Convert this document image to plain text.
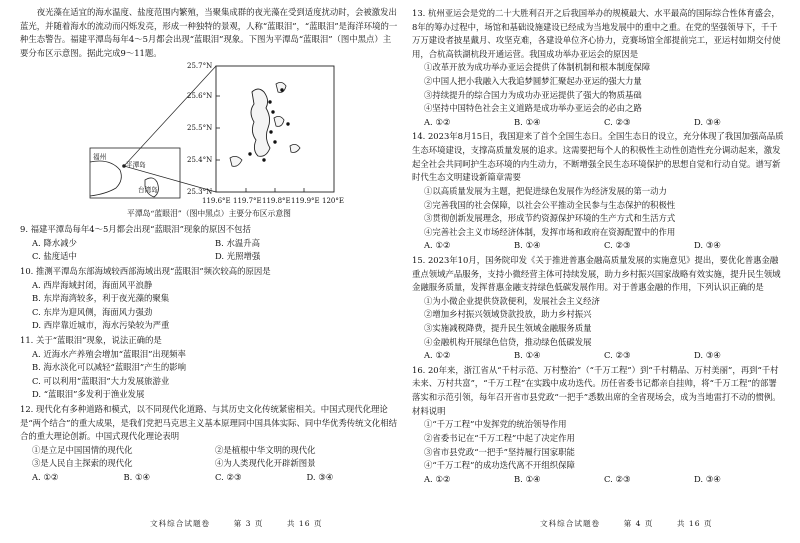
夜光藻在适宜的海水温度、盐度范围内繁殖，当聚集成群的夜光藻在受到适度扰动时，会被激发出蓝光，并随着海水的流动而闪烁发亮，形成一种独特的景观，人称“蓝眼泪”，“蓝眼泪”是海洋环境的一种生态警告。福建平潭岛每年4～5月都会出现“蓝眼泪”现象。下图为平潭岛“蓝眼泪”（图中黑点）主要分布区示意图。据此完成9～11题。

福州
平潭岛
台湾岛
25.7°N
25.6°N
25.5°N
25.4°N
25.3°N
119.6°E 119.7°E 119.8°E 119.9°E 120°E

平潭岛“蓝眼泪”（图中黑点）主要分布区示意图

9. 福建平潭岛每年4～5月都会出现“蓝眼泪”现象的原因不包括

A. 降水减少	B. 水温升高
C. 盐度适中	D. 光照增强

10. 推测平潭岛东部海域较西部海域出现“蓝眼泪”频次较高的原因是

A. 西岸海域封闭，海面风平浪静

B. 东岸海湾较多，利于夜光藻的聚集

C. 东岸为迎风侧，海面风力强劲

D. 西岸靠近城市，海水污染较为严重

11. 关于“蓝眼泪”现象，说法正确的是

A. 近海水产养殖会增加“蓝眼泪”出现频率

B. 海水淡化可以减轻“蓝眼泪”产生的影响

C. 可以利用“蓝眼泪”大力发展旅游业

D. “蓝眼泪”多发利于渔业发展

12. 现代化有多种道路和模式，以不同现代化道路、与其历史文化传统紧密相关。中国式现代化理论是“两个结合”的重大成果，是我们党把马克思主义基本原理同中国具体实际、同中华优秀传统文化相结合的重大理论创新。中国式现代化理论表明

①是立足中国国情的现代化	②是植根中华文明的现代化
③是人民自主探索的现代化	④为人类现代化开辟新图景
A. ①②	B. ①④	C. ②③	D. ③④
文科综合试题卷	第 3 页	共 16 页

13. 杭州亚运会是党的二十大胜利召开之后我国举办的规模最大、水平最高的国际综合性体育盛会，8年的筹办过程中，场馆和基础设施建设已经成为当地发展中的重中之重。在党的坚强领导下，千千万万建设者披星戴月、攻坚克难，各建设单位齐心协力，竞赛场馆全部提前完工，亚运村如期交付使用，合杭高铁湖杭段开通运营。我国成功举办亚运会的原因是

①改革开放为成功举办亚运会提供了体制机制和根本制度保障

②中国人把小我融入大我追梦圆梦汇聚起办亚运的强大力量

③持续提升的综合国力为成功办亚运提供了强大的物质基础

④坚持中国特色社会主义道路是成功举办亚运会的必由之路

A. ①②	B. ①④	C. ②③	D. ③④

14. 2023年8月15日，我国迎来了首个全国生态日。全国生态日的设立，充分体现了我国加强高品质生态环境建设，支撑高质量发展的追求。这需要把每个人的积极性主动性创造性充分调动起来，激发起全社会共同呵护生态环境的内生动力，不断增强全民生态环境保护的思想自觉和行动自觉。谱写新时代生态文明建设新篇章需要

①以高质量发展为主题，把促进绿色发展作为经济发展的第一动力

②完善我国的社会保障，以社会公平推动全民参与生态保护的积极性

③贯彻创新发展理念，形成节约资源保护环境的生产方式和生活方式

④完善社会主义市场经济体制，发挥市场和政府在资源配置中的作用

A. ①②	B. ①④	C. ②③	D. ③④

15. 2023年10月，国务院印发《关于推进普惠金融高质量发展的实施意见》提出，要优化普惠金融重点领域产品服务，支持小微经营主体可持续发展，助力乡村振兴国家战略有效实施，提升民生领域金融服务质量，发挥普惠金融支持绿色低碳发展作用。对于普惠金融的作用，下列认识正确的是

①为小微企业提供贷款便利，发展社会主义经济

②增加乡村振兴领域贷款投放，助力乡村振兴

③实施减税降费，提升民生领域金融服务质量

④金融机构开展绿色信贷，推动绿色低碳发展

A. ①②	B. ①④	C. ②③	D. ③④

16. 20年来，浙江省从“千村示范、万村整治”（“千万工程”）到“千村精品、万村美丽”，再到“千村未来、万村共富”，“千万工程”在实践中成功迭代。历任省委书记都亲自挂帅，将“千万工程”的部署落实和示范引领，每年召开省市县党政“一把手”悉数出席的全省现场会，成为当地雷打不动的惯例。材料说明

①“千万工程”中发挥党的统治领导作用

②省委书记在“千万工程”中起了决定作用

③省市县党政“一把手”坚持履行国家职能

④“千万工程”的成功迭代离不开组织保障

A. ①②	B. ①④	C. ②③	D. ③④
文科综合试题卷	第 4 页	共 16 页
